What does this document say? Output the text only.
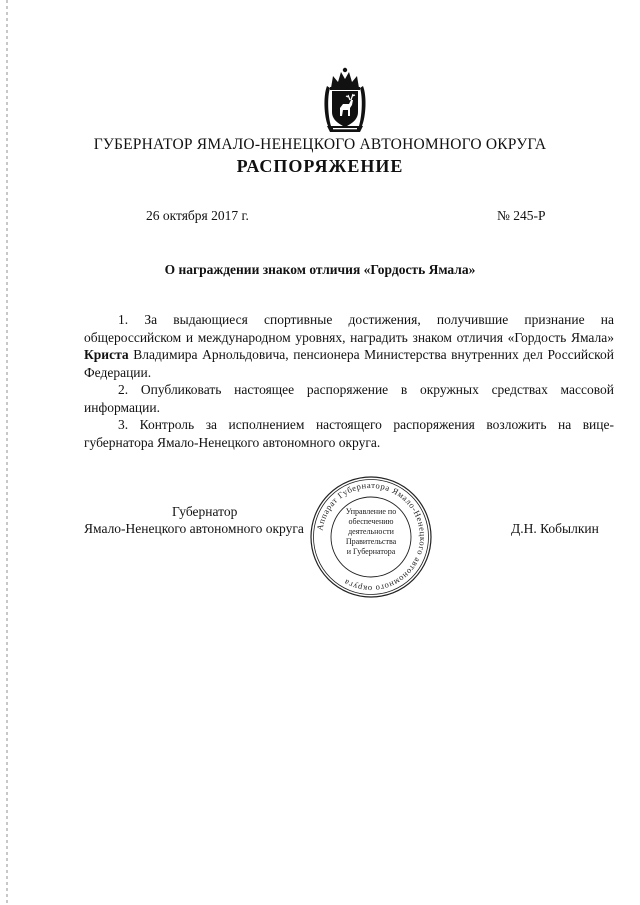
ГУБЕРНАТОР ЯМАЛО-НЕНЕЦКОГО АВТОНОМНОГО ОКРУГА
РАСПОРЯЖЕНИЕ
26 октября 2017 г.	№ 245-Р
О награждении знаком отличия «Гордость Ямала»

1. За выдающиеся спортивные достижения, получившие признание на общероссийском и международном уровнях, наградить знаком отличия «Гордость Ямала» Криста Владимира Арнольдовича, пенсионера Министерства внутренних дел Российской Федерации.

2. Опубликовать настоящее распоряжение в окружных средствах массовой информации.

3. Контроль за исполнением настоящего распоряжения возложить на вице-губернатора Ямало-Ненецкого автономного округа.

Губернатор
Ямало-Ненецкого автономного округа	Д.Н. Кобылкин
Аппарат Губернатора Ямало-Ненецкого автономного округа
Управление по
обеспечению
деятельности
Правительства
и Губернатора
